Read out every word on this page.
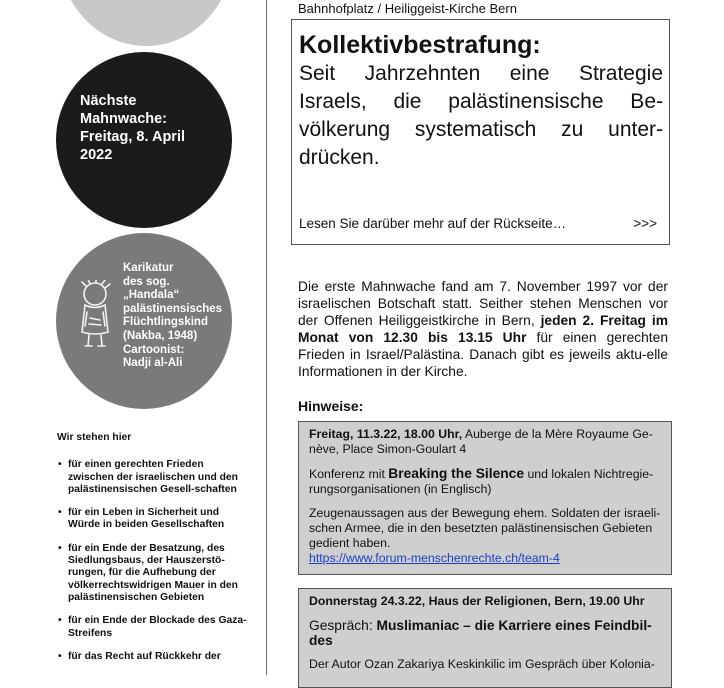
Nächste
Mahnwache:
Freitag, 8. April
2022
Karikatur
des sog.
„Handala“
palästinensisches
Flüchtlingskind
(Nakba, 1948)
Cartoonist:
Nadji al-Ali
Wir stehen hier
• für einen gerechten Frieden zwischen der israelischen und den palästinensischen Gesell-schaften
• für ein Leben in Sicherheit und Würde in beiden Gesellschaften
• für ein Ende der Besatzung, des Siedlungsbaus, der Hauszerstö-rungen, für die Aufhebung der völkerrechtswidrigen Mauer in den palästinensischen Gebieten
• für ein Ende der Blockade des Gaza-Streifens
• für das Recht auf Rückkehr der
Bahnhofplatz / Heiliggeist-Kirche Bern
Kollektivbestrafung:
Seit Jahrzehnten eine Strategie Israels, die palästinensische Be-völkerung systematisch zu unter-drücken.
Lesen Sie darüber mehr auf der Rückseite…	>>>
Die erste Mahnwache fand am 7. November 1997 vor der israelischen Botschaft statt. Seither stehen Menschen vor der Offenen Heiliggeistkirche in Bern, jeden 2. Freitag im Monat von 12.30 bis 13.15 Uhr für einen gerechten Frieden in Israel/Palästina. Danach gibt es jeweils aktu-elle Informationen in der Kirche.
Hinweise:

Freitag, 11.3.22, 18.00 Uhr, Auberge de la Mère Royaume Ge-nève, Place Simon-Goulart 4

Konferenz mit Breaking the Silence und lokalen Nichtregie-rungsorganisationen (in Englisch)

Zeugenaussagen aus der Bewegung ehem. Soldaten der israeli-schen Armee, die in den besetzten palästinensischen Gebieten gedient haben.

https://www.forum-menschenrechte.ch/team-4

Donnerstag 24.3.22, Haus der Religionen, Bern, 19.00 Uhr

Gespräch: Muslimaniac – die Karriere eines Feindbil-des

Der Autor Ozan Zakariya Keskinkilic im Gespräch über Kolonia-
